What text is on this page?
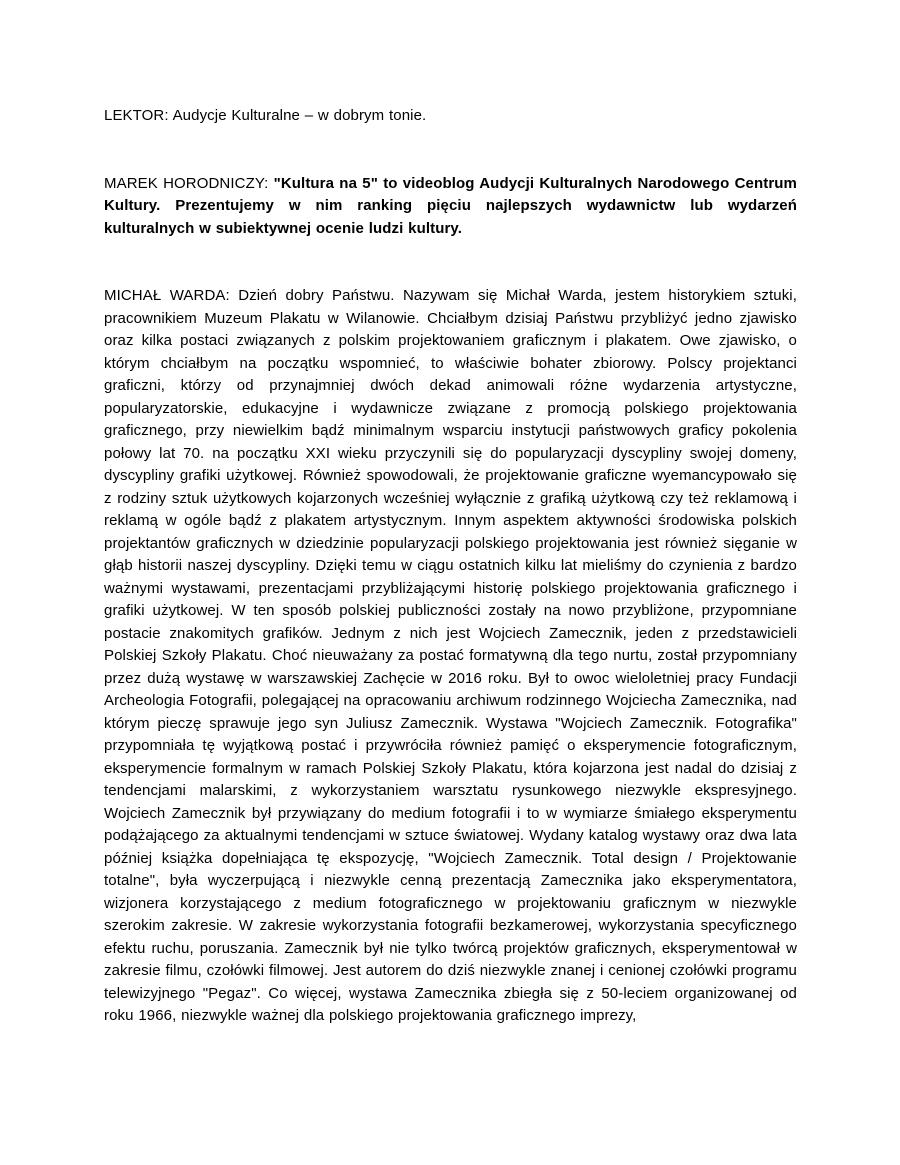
LEKTOR: Audycje Kulturalne – w dobrym tonie.

MAREK HORODNICZY: "Kultura na 5" to videoblog Audycji Kulturalnych Narodowego Centrum Kultury. Prezentujemy w nim ranking pięciu najlepszych wydawnictw lub wydarzeń kulturalnych w subiektywnej ocenie ludzi kultury.

MICHAŁ WARDA: Dzień dobry Państwu. Nazywam się Michał Warda, jestem historykiem sztuki, pracownikiem Muzeum Plakatu w Wilanowie. Chciałbym dzisiaj Państwu przybliżyć jedno zjawisko oraz kilka postaci związanych z polskim projektowaniem graficznym i plakatem. Owe zjawisko, o którym chciałbym na początku wspomnieć, to właściwie bohater zbiorowy. Polscy projektanci graficzni, którzy od przynajmniej dwóch dekad animowali różne wydarzenia artystyczne, popularyzatorskie, edukacyjne i wydawnicze związane z promocją polskiego projektowania graficznego, przy niewielkim bądź minimalnym wsparciu instytucji państwowych graficy pokolenia połowy lat 70. na początku XXI wieku przyczynili się do popularyzacji dyscypliny swojej domeny, dyscypliny grafiki użytkowej. Również spowodowali, że projektowanie graficzne wyemancypowało się z rodziny sztuk użytkowych kojarzonych wcześniej wyłącznie z grafiką użytkową czy też reklamową i reklamą w ogóle bądź z plakatem artystycznym. Innym aspektem aktywności środowiska polskich projektantów graficznych w dziedzinie popularyzacji polskiego projektowania jest również sięganie w głąb historii naszej dyscypliny. Dzięki temu w ciągu ostatnich kilku lat mieliśmy do czynienia z bardzo ważnymi wystawami, prezentacjami przybliżającymi historię polskiego projektowania graficznego i grafiki użytkowej. W ten sposób polskiej publiczności zostały na nowo przybliżone, przypomniane postacie znakomitych grafików. Jednym z nich jest Wojciech Zamecznik, jeden z przedstawicieli Polskiej Szkoły Plakatu. Choć nieuważany za postać formatywną dla tego nurtu, został przypomniany przez dużą wystawę w warszawskiej Zachęcie w 2016 roku. Był to owoc wieloletniej pracy Fundacji Archeologia Fotografii, polegającej na opracowaniu archiwum rodzinnego Wojciecha Zamecznika, nad którym pieczę sprawuje jego syn Juliusz Zamecznik. Wystawa "Wojciech Zamecznik. Fotografika" przypomniała tę wyjątkową postać i przywróciła również pamięć o eksperymencie fotograficznym, eksperymencie formalnym w ramach Polskiej Szkoły Plakatu, która kojarzona jest nadal do dzisiaj z tendencjami malarskimi, z wykorzystaniem warsztatu rysunkowego niezwykle ekspresyjnego. Wojciech Zamecznik był przywiązany do medium fotografii i to w wymiarze śmiałego eksperymentu podążającego za aktualnymi tendencjami w sztuce światowej. Wydany katalog wystawy oraz dwa lata później książka dopełniająca tę ekspozycję, "Wojciech Zamecznik. Total design / Projektowanie totalne", była wyczerpującą i niezwykle cenną prezentacją Zamecznika jako eksperymentatora, wizjonera korzystającego z medium fotograficznego w projektowaniu graficznym w niezwykle szerokim zakresie. W zakresie wykorzystania fotografii bezkamerowej, wykorzystania specyficznego efektu ruchu, poruszania. Zamecznik był nie tylko twórcą projektów graficznych, eksperymentował w zakresie filmu, czołówki filmowej. Jest autorem do dziś niezwykle znanej i cenionej czołówki programu telewizyjnego "Pegaz". Co więcej, wystawa Zamecznika zbiegła się z 50-leciem organizowanej od roku 1966, niezwykle ważnej dla polskiego projektowania graficznego imprezy,
